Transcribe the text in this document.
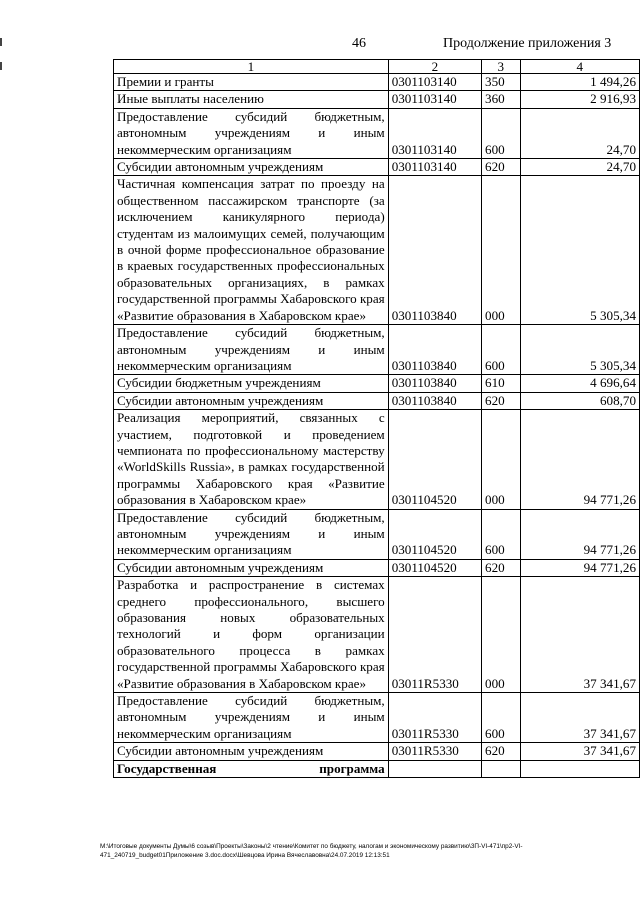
46	Продолжение приложения 3
1	2	3	4
Премии и гранты	0301103140	350	1 494,26
Иные выплаты населению	0301103140	360	2 916,93
Предоставление субсидий бюджетным, автономным учреждениям и иным некоммерческим организациям	0301103140	600	24,70
Субсидии автономным учреждениям	0301103140	620	24,70
Частичная компенсация затрат по проезду на общественном пассажирском транспорте (за исключением каникулярного периода) студентам из малоимущих семей, получающим в очной форме профессиональное образование в краевых государственных профессиональных образовательных организациях, в рамках государственной программы Хабаровского края «Развитие образования в Хабаровском крае»	0301103840	000	5 305,34
Предоставление субсидий бюджетным, автономным учреждениям и иным некоммерческим организациям	0301103840	600	5 305,34
Субсидии бюджетным учреждениям	0301103840	610	4 696,64
Субсидии автономным учреждениям	0301103840	620	608,70
Реализация мероприятий, связанных с участием, подготовкой и проведением чемпионата по профессиональному мастерству «WorldSkills Russia», в рамках государственной программы Хабаровского края «Развитие образования в Хабаровском крае»	0301104520	000	94 771,26
Предоставление субсидий бюджетным, автономным учреждениям и иным некоммерческим организациям	0301104520	600	94 771,26
Субсидии автономным учреждениям	0301104520	620	94 771,26
Разработка и распространение в системах среднего профессионального, высшего образования новых образовательных технологий и форм организации образовательного процесса в рамках государственной программы Хабаровского края «Развитие образования в Хабаровском крае»	03011R5330	000	37 341,67
Предоставление субсидий бюджетным, автономным учреждениям и иным некоммерческим организациям	03011R5330	600	37 341,67
Субсидии автономным учреждениям	03011R5330	620	37 341,67
Государственная программа			
М:\Итоговые документы Думы\6 созыв\Проекты\Законы\2 чтение\Комитет по бюджету, налогам и экономическому развитию\3П-VI-471\пр2-VI-471_240719_budget01Приложение 3.doc.docx\Шевцова Ирина Вячеславовна\24.07.2019 12:13:51
